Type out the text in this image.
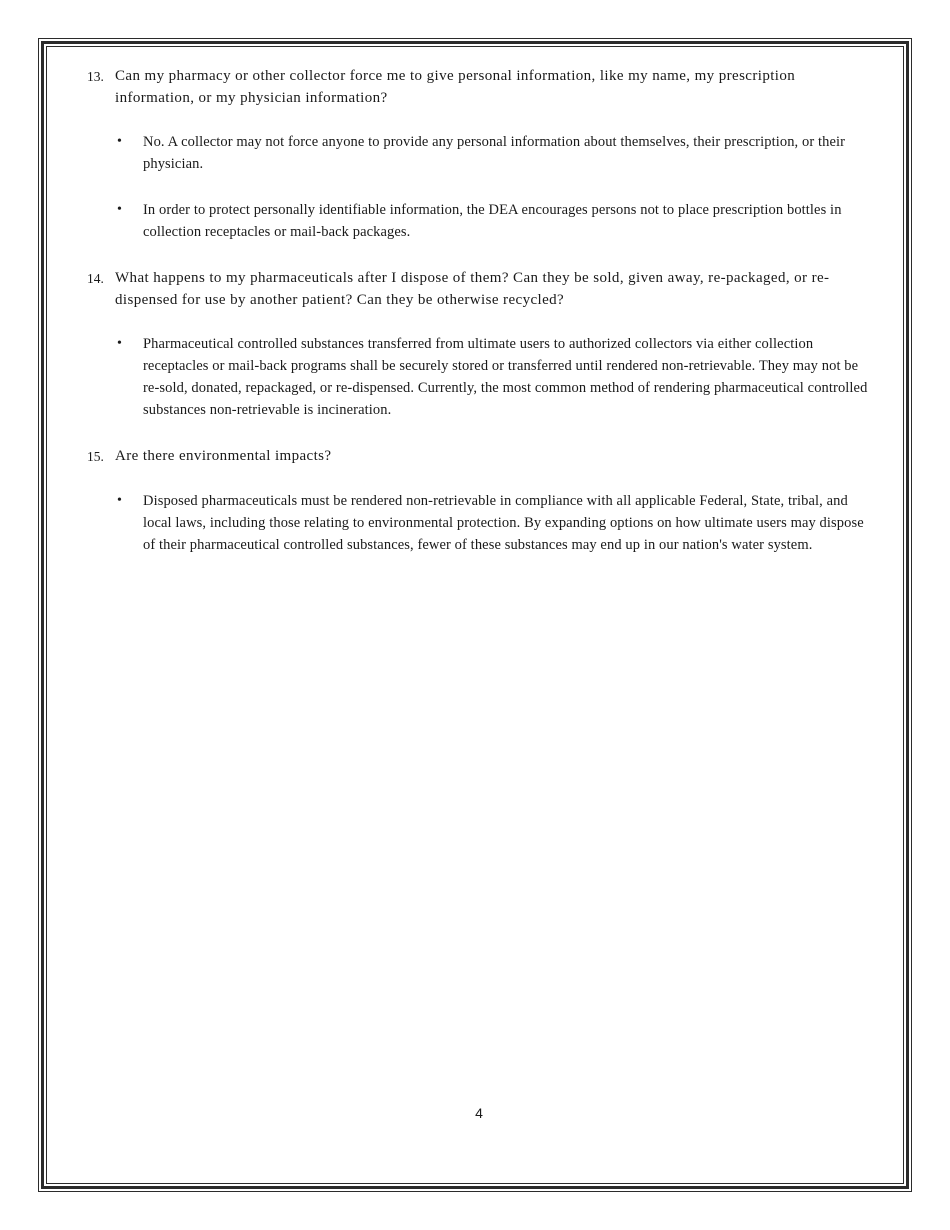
13. Can my pharmacy or other collector force me to give personal information, like my name, my prescription information, or my physician information?
•
No. A collector may not force anyone to provide any personal information about themselves, their prescription, or their physician.
•
In order to protect personally identifiable information, the DEA encourages persons not to place prescription bottles in collection receptacles or mail-back packages.
14. What happens to my pharmaceuticals after I dispose of them? Can they be sold, given away, re-packaged, or re-dispensed for use by another patient? Can they be otherwise recycled?
•
Pharmaceutical controlled substances transferred from ultimate users to authorized collectors via either collection receptacles or mail-back programs shall be securely stored or transferred until rendered non-retrievable. They may not be re-sold, donated, repackaged, or re-dispensed. Currently, the most common method of rendering pharmaceutical controlled substances non-retrievable is incineration.
15. Are there environmental impacts?
•
Disposed pharmaceuticals must be rendered non-retrievable in compliance with all applicable Federal, State, tribal, and local laws, including those relating to environmental protection. By expanding options on how ultimate users may dispose of their pharmaceutical controlled substances, fewer of these substances may end up in our nation's water system.
4
